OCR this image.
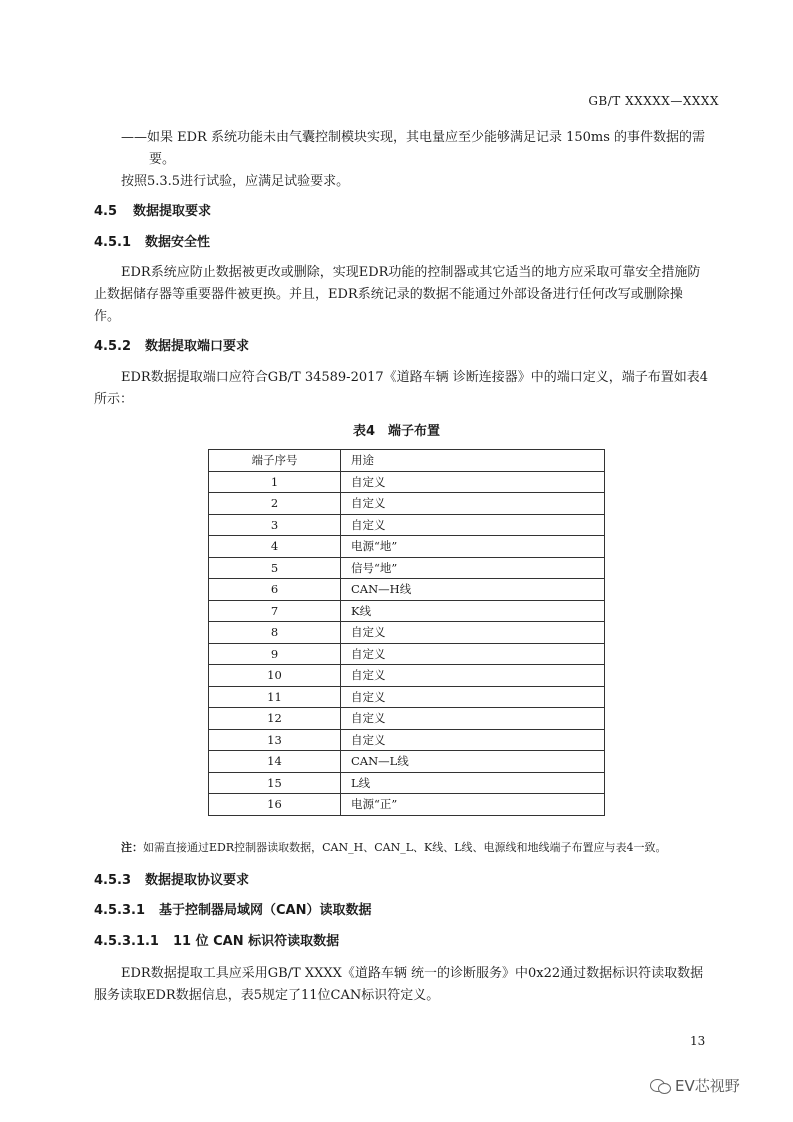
GB/T XXXXX—XXXX
——如果 EDR 系统功能未由气囊控制模块实现，其电量应至少能够满足记录 150ms 的事件数据的需
要。
按照5.3.5进行试验，应满足试验要求。
4.5 数据提取要求
4.5.1 数据安全性
EDR系统应防止数据被更改或删除，实现EDR功能的控制器或其它适当的地方应采取可靠安全措施防
止数据储存器等重要器件被更换。并且，EDR系统记录的数据不能通过外部设备进行任何改写或删除操
作。
4.5.2 数据提取端口要求
EDR数据提取端口应符合GB/T 34589-2017《道路车辆 诊断连接器》中的端口定义，端子布置如表4
所示：
表4　端子布置
端子序号	用途
1	自定义
2	自定义
3	自定义
4	电源“地”
5	信号“地”
6	CAN—H线
7	K线
8	自定义
9	自定义
10	自定义
11	自定义
12	自定义
13	自定义
14	CAN—L线
15	L线
16	电源“正”
注：如需直接通过EDR控制器读取数据，CAN_H、CAN_L、K线、L线、电源线和地线端子布置应与表4一致。
4.5.3 数据提取协议要求
4.5.3.1 基于控制器局域网（CAN）读取数据
4.5.3.1.1 11 位 CAN 标识符读取数据
EDR数据提取工具应采用GB/T XXXX《道路车辆 统一的诊断服务》中0x22通过数据标识符读取数据
服务读取EDR数据信息，表5规定了11位CAN标识符定义。
13
EV芯视野
